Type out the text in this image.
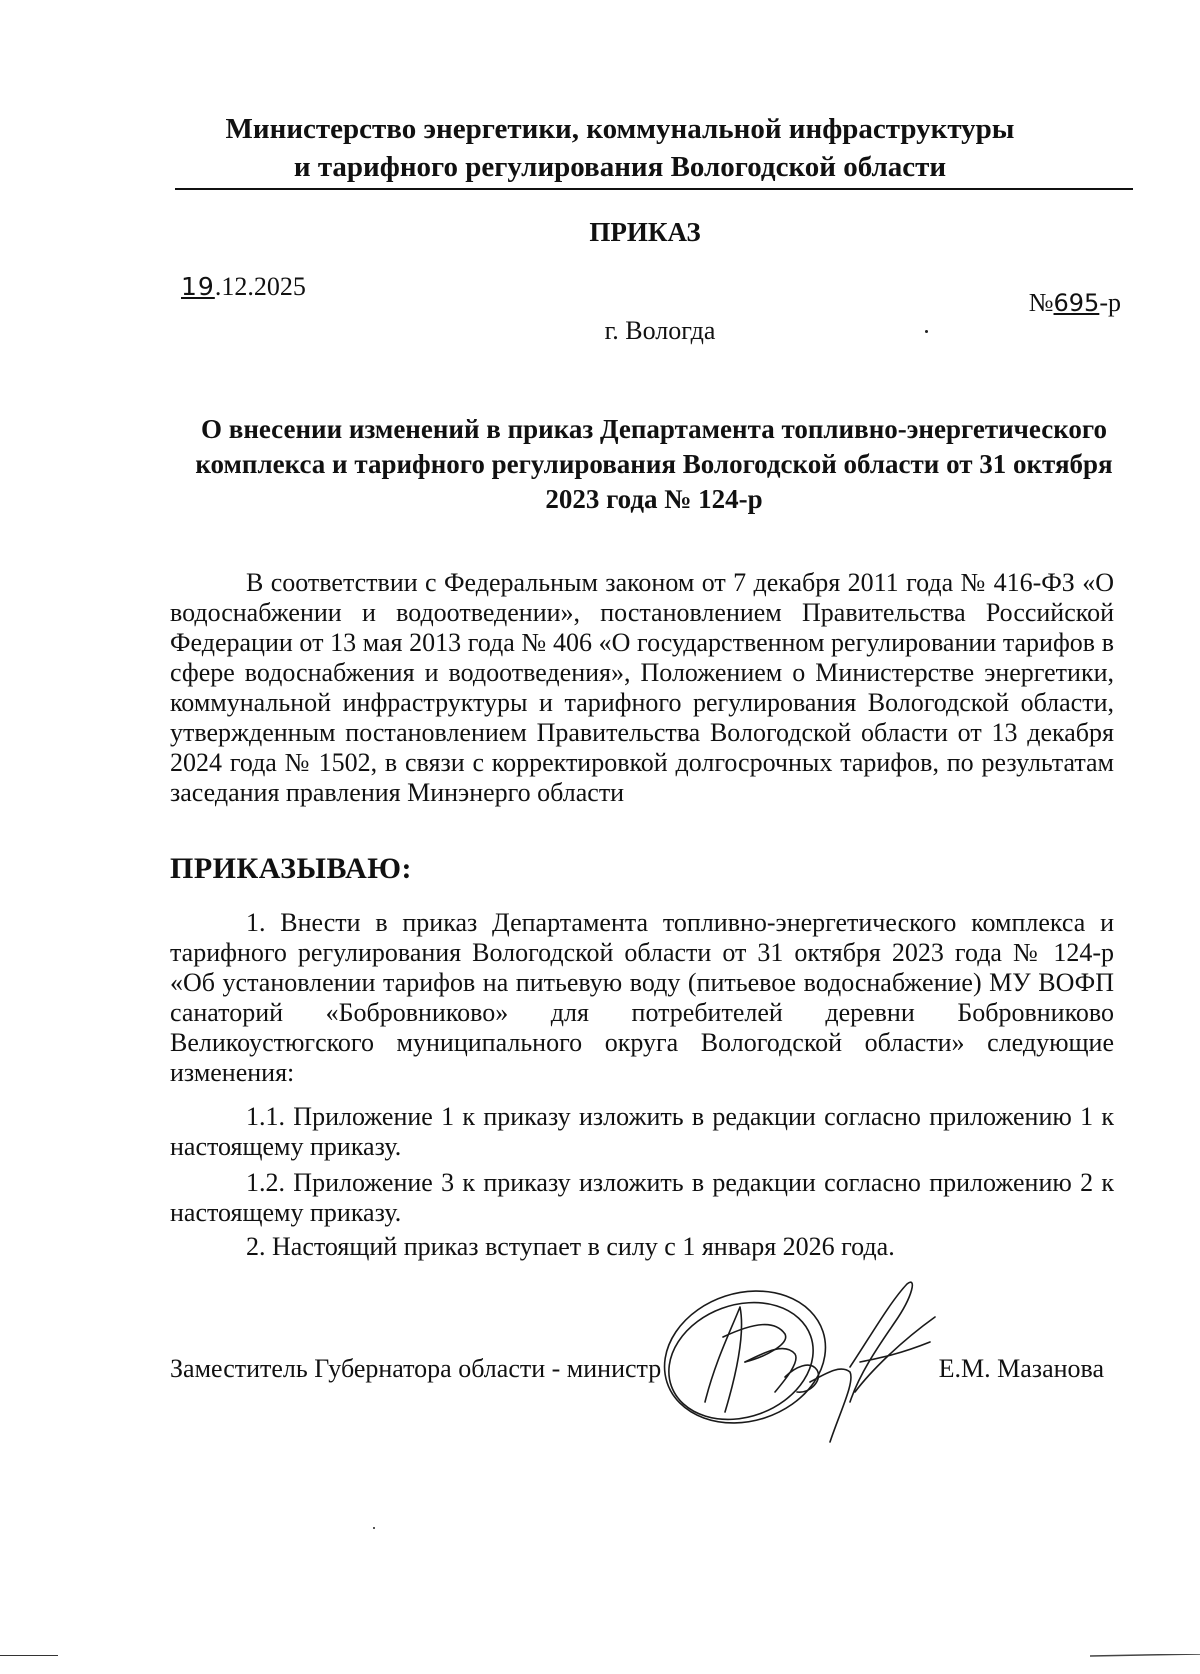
Министерство энергетики, коммунальной инфраструктуры
и тарифного регулирования Вологодской области
ПРИКАЗ
19.12.2025
№695-р
г. Вологда
О внесении изменений в приказ Департамента топливно-энергетического комплекса и тарифного регулирования Вологодской области от 31 октября 2023 года № 124-р
В соответствии с Федеральным законом от 7 декабря 2011 года № 416-ФЗ «О водоснабжении и водоотведении», постановлением Правительства Российской Федерации от 13 мая 2013 года № 406 «О государственном регулировании тарифов в сфере водоснабжения и водоотведения», Положением о Министерстве энергетики, коммунальной инфраструктуры и тарифного регулирования Вологодской области, утвержденным постановлением Правительства Вологодской области от 13 декабря 2024 года № 1502, в связи с корректировкой долгосрочных тарифов, по результатам заседания правления Минэнерго области
ПРИКАЗЫВАЮ:
1. Внести в приказ Департамента топливно-энергетического комплекса и тарифного регулирования Вологодской области от 31 октября 2023 года № 124-р «Об установлении тарифов на питьевую воду (питьевое водоснабжение) МУ ВОФП санаторий «Бобровниково» для потребителей деревни Бобровниково Великоустюгского муниципального округа Вологодской области» следующие изменения:
1.1. Приложение 1 к приказу изложить в редакции согласно приложению 1 к настоящему приказу.
1.2. Приложение 3 к приказу изложить в редакции согласно приложению 2 к настоящему приказу.
2. Настоящий приказ вступает в силу с 1 января 2026 года.
Заместитель Губернатора области - министр	Е.М. Мазанова
